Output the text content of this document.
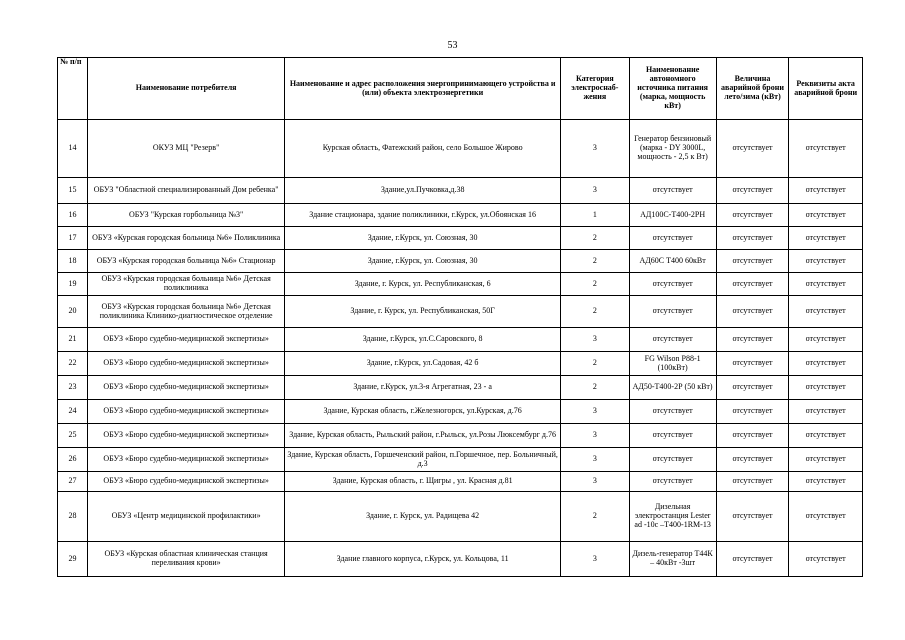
53
№ п/п	Наименование потребителя	Наименование и адрес расположения энергопринимающего устройства и (или) объекта электроэнергетики	Категория электроснаб-жения	Наименование автономного источника питания (марка, мощность кВт)	Величина аварийной брони лето/зима (кВт)	Реквизиты акта аварийной брони
14	ОКУЗ МЦ "Резерв"	Курская область, Фатежский район, село Большое Жирово	3	Генератор бензиновый (марка - DY 3000L, мощность - 2,5 к Вт)	отсутствует	отсутствует
15	ОБУЗ "Областной специализированный Дом ребенка"	Здание,ул.Пучковка,д.38	3	отсутствует	отсутствует	отсутствует
16	ОБУЗ "Курская горбольница №3"	Здание стационара, здание поликлиники, г.Курск, ул.Обоянская 16	1	АД100С-Т400-2РН	отсутствует	отсутствует
17	ОБУЗ «Курская городская больница №6» Поликлиника	Здание, г.Курск, ул. Союзная, 30	2	отсутствует	отсутствует	отсутствует
18	ОБУЗ «Курская городская больница №6» Стационар	Здание, г.Курск, ул. Союзная, 30	2	АД60С Т400 60кВт	отсутствует	отсутствует
19	ОБУЗ «Курская городская больница №6» Детская поликлиника	Здание, г. Курск, ул. Республиканская, 6	2	отсутствует	отсутствует	отсутствует
20	ОБУЗ «Курская городская больница №6» Детская поликлиника Клинико-диагностическое отделение	Здание, г. Курск, ул. Республиканская, 50Г	2	отсутствует	отсутствует	отсутствует
21	ОБУЗ «Бюро судебно-медицинской экспертизы»	Здание, г.Курск, ул.С.Саровского, 8	3	отсутствует	отсутствует	отсутствует
22	ОБУЗ «Бюро судебно-медицинской экспертизы»	Здание, г.Курск, ул.Садовая, 42 б	2	FG Wilson P88-1 (100кВт)	отсутствует	отсутствует
23	ОБУЗ «Бюро судебно-медицинской экспертизы»	Здание, г.Курск, ул.3-я Агрегатная, 23 - а	2	АД50-Т400-2Р (50 кВт)	отсутствует	отсутствует
24	ОБУЗ «Бюро судебно-медицинской экспертизы»	Здание, Курская область, г.Железногорск, ул.Курская, д.76	3	отсутствует	отсутствует	отсутствует
25	ОБУЗ «Бюро судебно-медицинской экспертизы»	Здание, Курская область, Рыльский район, г.Рыльск, ул.Розы Люксембург д.76	3	отсутствует	отсутствует	отсутствует
26	ОБУЗ «Бюро судебно-медицинской экспертизы»	Здание, Курская область, Горшеченский район, п.Горшечное, пер. Больничный, д.3	3	отсутствует	отсутствует	отсутствует
27	ОБУЗ «Бюро судебно-медицинской экспертизы»	Здание, Курская область, г. Щигры , ул. Красная д.81	3	отсутствует	отсутствует	отсутствует
28	ОБУЗ «Центр медицинской профилактики»	Здание, г. Курск, ул. Радищева 42	2	Дизельная электростанция Lester ad -10с –Т400-1RM-13	отсутствует	отсутствует
29	ОБУЗ «Курская областная клиническая станция переливания крови»	Здание главного корпуса, г.Курск, ул. Кольцова, 11	3	Дизель-генератор Т44К – 40кВт -3шт	отсутствует	отсутствует
